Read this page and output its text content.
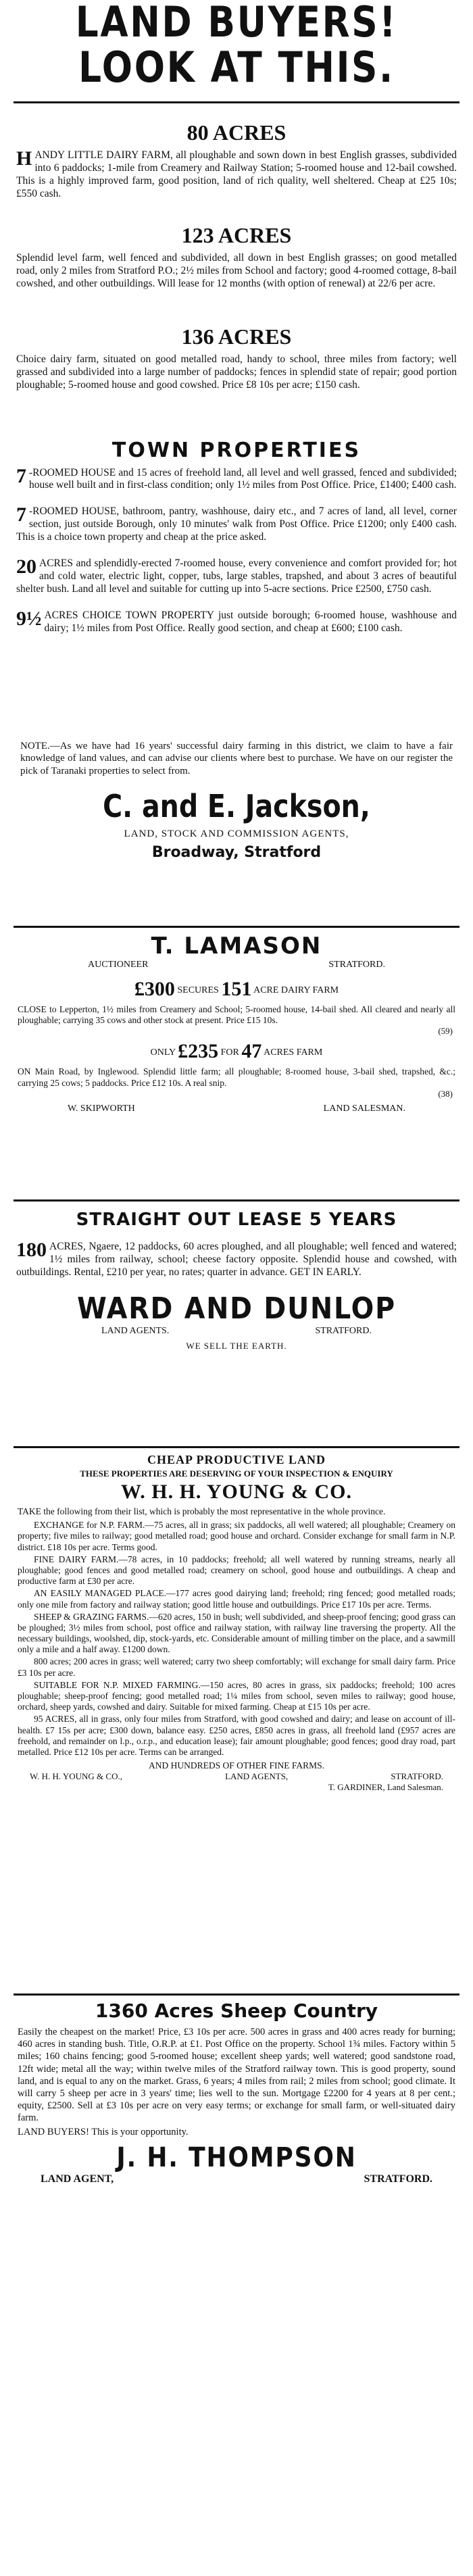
LAND BUYERS!
LOOK AT THIS.
80 ACRES

HANDY LITTLE DAIRY FARM, all ploughable and sown down in best English grasses, subdivided into 6 paddocks; 1-mile from Creamery and Railway Station; 5-roomed house and 12-bail cowshed. This is a highly improved farm, good position, land of rich quality, well sheltered. Cheap at £25 10s; £550 cash.

123 ACRES

Splendid level farm, well fenced and subdivided, all down in best English grasses; on good metalled road, only 2 miles from Stratford P.O.; 2½ miles from School and factory; good 4-roomed cottage, 8-bail cowshed, and other outbuildings. Will lease for 12 months (with option of renewal) at 22/6 per acre.

136 ACRES

Choice dairy farm, situated on good metalled road, handy to school, three miles from factory; well grassed and subdivided into a large number of paddocks; fences in splendid state of repair; good portion ploughable; 5-roomed house and good cowshed. Price £8 10s per acre; £150 cash.

TOWN PROPERTIES

7 -ROOMED HOUSE and 15 acres of freehold land, all level and well grassed, fenced and subdivided; house well built and in first-class condition; only 1½ miles from Post Office. Price, £1400; £400 cash.

7 -ROOMED HOUSE, bathroom, pantry, washhouse, dairy etc., and 7 acres of land, all level, corner section, just outside Borough, only 10 minutes' walk from Post Office. Price £1200; only £400 cash. This is a choice town property and cheap at the price asked.

20 ACRES and splendidly-erected 7-roomed house, every convenience and comfort provided for; hot and cold water, electric light, copper, tubs, large stables, trapshed, and about 3 acres of beautiful shelter bush. Land all level and suitable for cutting up into 5-acre sections. Price £2500, £750 cash.

9½ ACRES CHOICE TOWN PROPERTY just outside borough; 6-roomed house, washhouse and dairy; 1½ miles from Post Office. Really good section, and cheap at £600; £100 cash.

NOTE.—As we have had 16 years' successful dairy farming in this district, we claim to have a fair knowledge of land values, and can advise our clients where best to purchase. We have on our register the pick of Taranaki properties to select from.

C. and E. Jackson,
LAND, STOCK AND COMMISSION AGENTS,
Broadway, Stratford
T. LAMASON
AUCTIONEER	STRATFORD.
£300 SECURES 151 ACRE DAIRY FARM

CLOSE to Lepperton, 1½ miles from Creamery and School; 5-roomed house, 14-bail shed. All cleared and nearly all ploughable; carrying 35 cows and other stock at present. Price £15 10s.

(59)
ONLY £235 FOR 47 ACRES FARM

ON Main Road, by Inglewood. Splendid little farm; all ploughable; 8-roomed house, 3-bail shed, trapshed, &c.; carrying 25 cows; 5 paddocks. Price £12 10s. A real snip.

(38)
W. SKIPWORTH	LAND SALESMAN.
STRAIGHT OUT LEASE 5 YEARS

180 ACRES, Ngaere, 12 paddocks, 60 acres ploughed, and all ploughable; well fenced and watered; 1½ miles from railway, school; cheese factory opposite. Splendid house and cowshed, with outbuildings. Rental, £210 per year, no rates; quarter in advance. GET IN EARLY.

WARD AND DUNLOP
LAND AGENTS.	STRATFORD.
WE SELL THE EARTH.
CHEAP PRODUCTIVE LAND
THESE PROPERTIES ARE DESERVING OF YOUR INSPECTION & ENQUIRY
W. H. H. YOUNG & CO.

TAKE the following from their list, which is probably the most representative in the whole province.

EXCHANGE for N.P. FARM.—75 acres, all in grass; six paddocks, all well watered; all ploughable; Creamery on property; five miles to railway; good metalled road; good house and orchard. Consider exchange for small farm in N.P. district. £18 10s per acre. Terms good.

FINE DAIRY FARM.—78 acres, in 10 paddocks; freehold; all well watered by running streams, nearly all ploughable; good fences and good metalled road; creamery on school, good house and outbuildings. A cheap and productive farm at £30 per acre.

AN EASILY MANAGED PLACE.—177 acres good dairying land; freehold; ring fenced; good metalled roads; only one mile from factory and railway station; good little house and outbuildings. Price £17 10s per acre. Terms.

SHEEP & GRAZING FARMS.—620 acres, 150 in bush; well subdivided, and sheep-proof fencing; good grass can be ploughed; 3½ miles from school, post office and railway station, with railway line traversing the property. All the necessary buildings, woolshed, dip, stock-yards, etc. Considerable amount of milling timber on the place, and a sawmill only a mile and a half away. £1200 down.

800 acres; 200 acres in grass; well watered; carry two sheep comfortably; will exchange for small dairy farm. Price £3 10s per acre.

SUITABLE FOR N.P. MIXED FARMING.—150 acres, 80 acres in grass, six paddocks; freehold; 100 acres ploughable; sheep-proof fencing; good metalled road; 1¼ miles from school, seven miles to railway; good house, orchard, sheep yards, cowshed and dairy. Suitable for mixed farming. Cheap at £15 10s per acre.

95 ACRES, all in grass, only four miles from Stratford, with good cowshed and dairy; and lease on account of ill-health. £7 15s per acre; £300 down, balance easy. £250 acres, £850 acres in grass, all freehold land (£957 acres are freehold, and remainder on l.p., o.r.p., and education lease); fair amount ploughable; good fences; good dray road, part metalled. Price £12 10s per acre. Terms can be arranged.

AND HUNDREDS OF OTHER FINE FARMS.
W. H. H. YOUNG & CO.,	LAND AGENTS,	STRATFORD.
T. GARDINER, Land Salesman.
1360 Acres Sheep Country

Easily the cheapest on the market! Price, £3 10s per acre. 500 acres in grass and 400 acres ready for burning; 460 acres in standing bush. Title, O.R.P. at £1. Post Office on the property. School 1¾ miles. Factory within 5 miles; 160 chains fencing; good 5-roomed house; excellent sheep yards; well watered; good sandstone road, 12ft wide; metal all the way; within twelve miles of the Stratford railway town. This is good property, sound land, and is equal to any on the market. Grass, 6 years; 4 miles from rail; 2 miles from school; good climate. It will carry 5 sheep per acre in 3 years' time; lies well to the sun. Mortgage £2200 for 4 years at 8 per cent.; equity, £2500. Sell at £3 10s per acre on very easy terms; or exchange for small farm, or well-situated dairy farm.

LAND BUYERS! This is your opportunity.
J. H. THOMPSON
LAND AGENT,	STRATFORD.
